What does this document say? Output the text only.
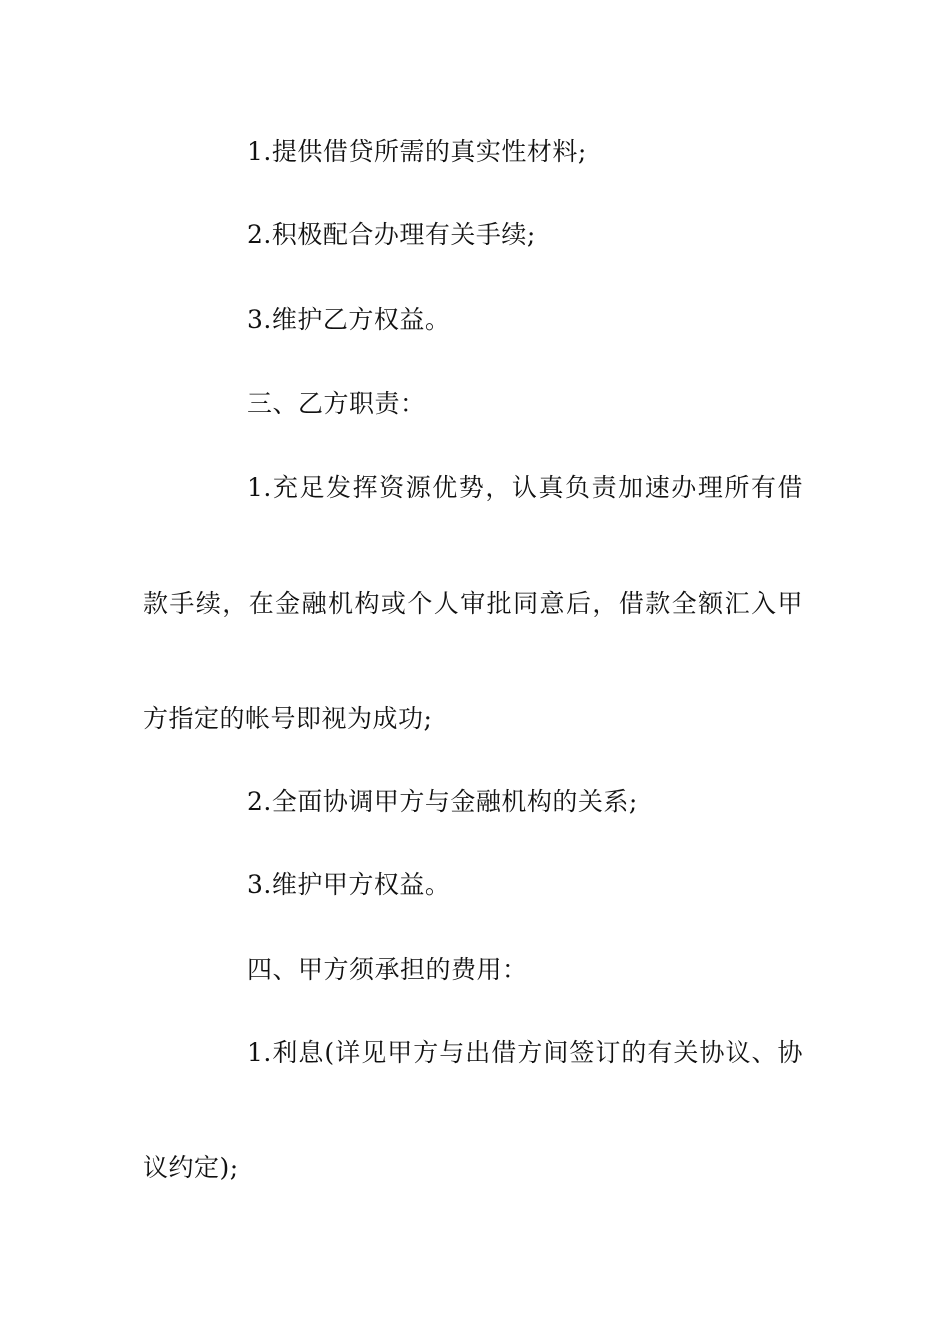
1.提供借贷所需的真实性材料;
2.积极配合办理有关手续;
3.维护乙方权益。
三、乙方职责：
1.充足发挥资源优势，认真负责加速办理所有借
款手续，在金融机构或个人审批同意后，借款全额汇入甲
方指定的帐号即视为成功;
2.全面协调甲方与金融机构的关系;
3.维护甲方权益。
四、甲方须承担的费用：
1.利息(详见甲方与出借方间签订的有关协议、协
议约定);
